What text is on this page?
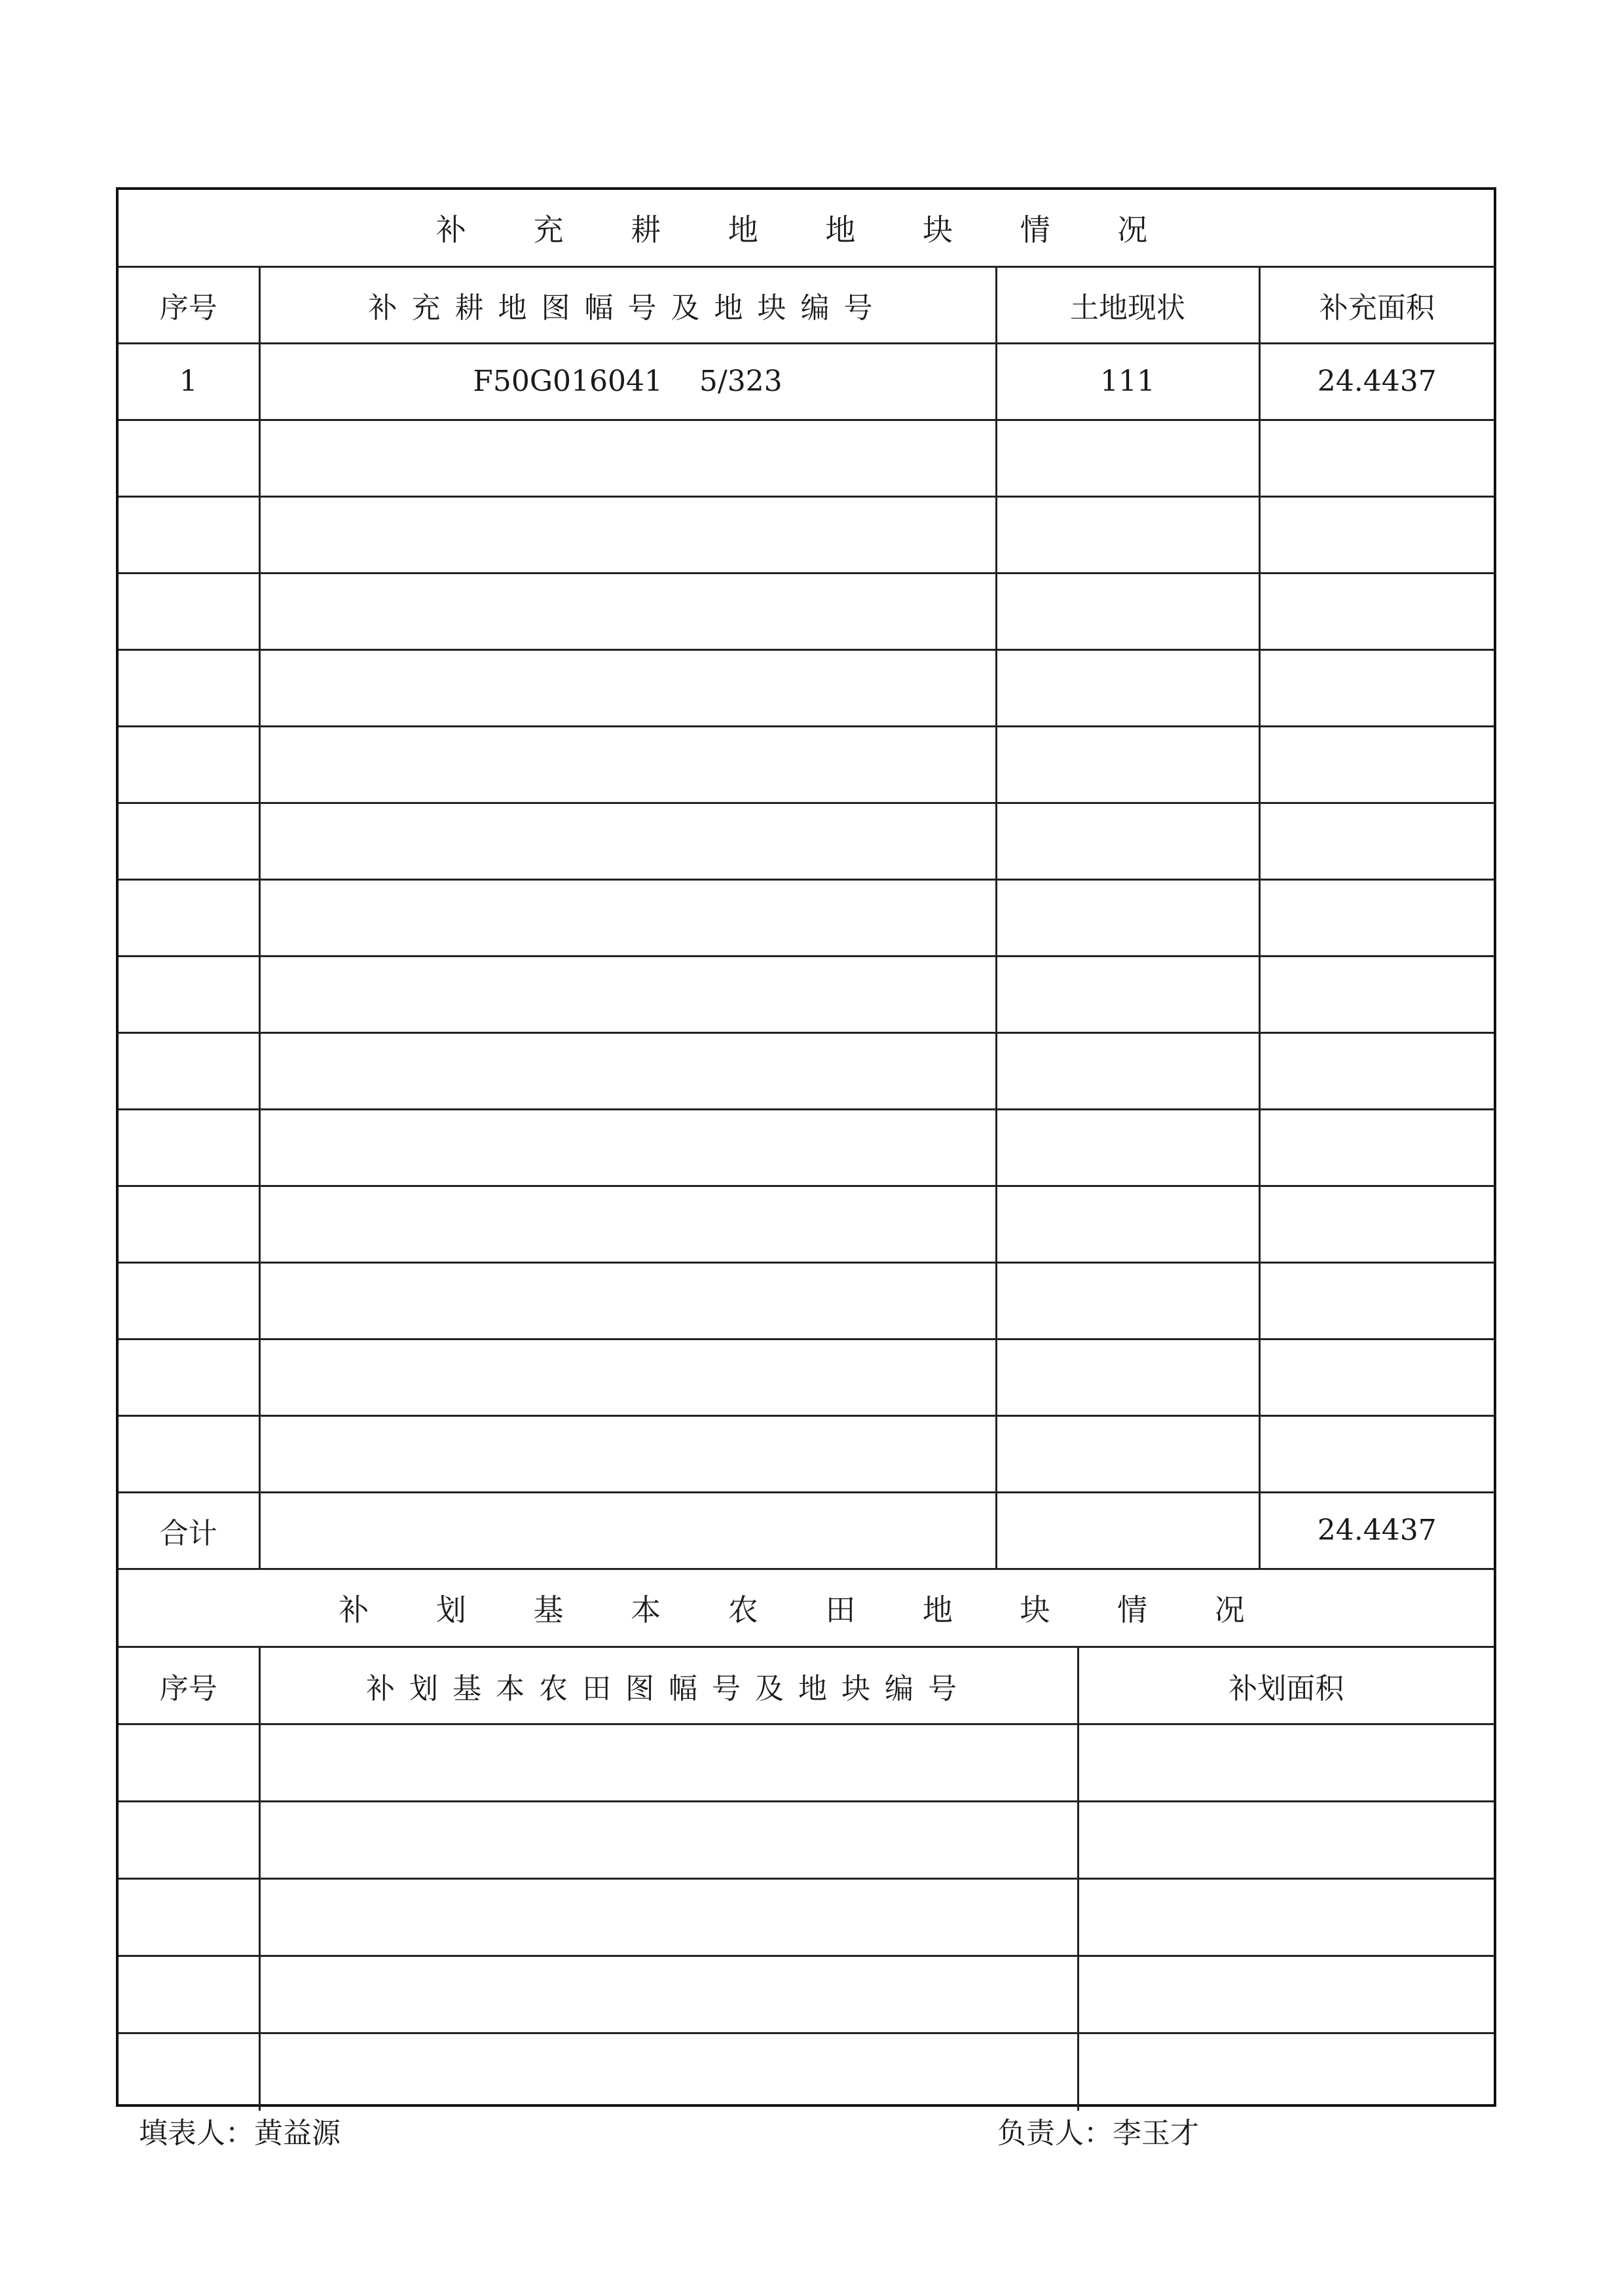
补 充 耕 地 地 块 情 况			
序号	补充耕地图幅号及地块编号	土地现状	补充面积
1	F50G016041    5/323	111	24.4437

合计			24.4437
补 划 基 本 农 田 地 块 情 况		
序号	补划基本农田图幅号及地块编号	补划面积

填表人：黄益源	负责人：李玉才
